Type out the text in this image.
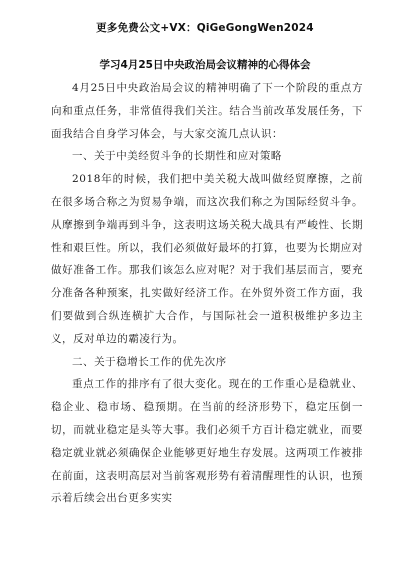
更多免费公文+VX：QiGeGongWen2024
学习4月25日中央政治局会议精神的心得体会

4月25日中央政治局会议的精神明确了下一个阶段的重点方向和重点任务，非常值得我们关注。结合当前改革发展任务，下面我结合自身学习体会，与大家交流几点认识：

一、关于中美经贸斗争的长期性和应对策略

2018年的时候，我们把中美关税大战叫做经贸摩擦，之前在很多场合称之为贸易争端，而这次我们称之为国际经贸斗争。从摩擦到争端再到斗争，这表明这场关税大战具有严峻性、长期性和艰巨性。所以，我们必须做好最坏的打算，也要为长期应对做好准备工作。那我们该怎么应对呢？对于我们基层而言，要充分准备各种预案，扎实做好经济工作。在外贸外资工作方面，我们要做到合纵连横扩大合作，与国际社会一道积极维护多边主义，反对单边的霸凌行为。

二、关于稳增长工作的优先次序

重点工作的排序有了很大变化。现在的工作重心是稳就业、稳企业、稳市场、稳预期。在当前的经济形势下，稳定压倒一切，而就业稳定是头等大事。我们必须千方百计稳定就业，而要稳定就业就必须确保企业能够更好地生存发展。这两项工作被排在前面，这表明高层对当前客观形势有着清醒理性的认识，也预示着后续会出台更多实实
